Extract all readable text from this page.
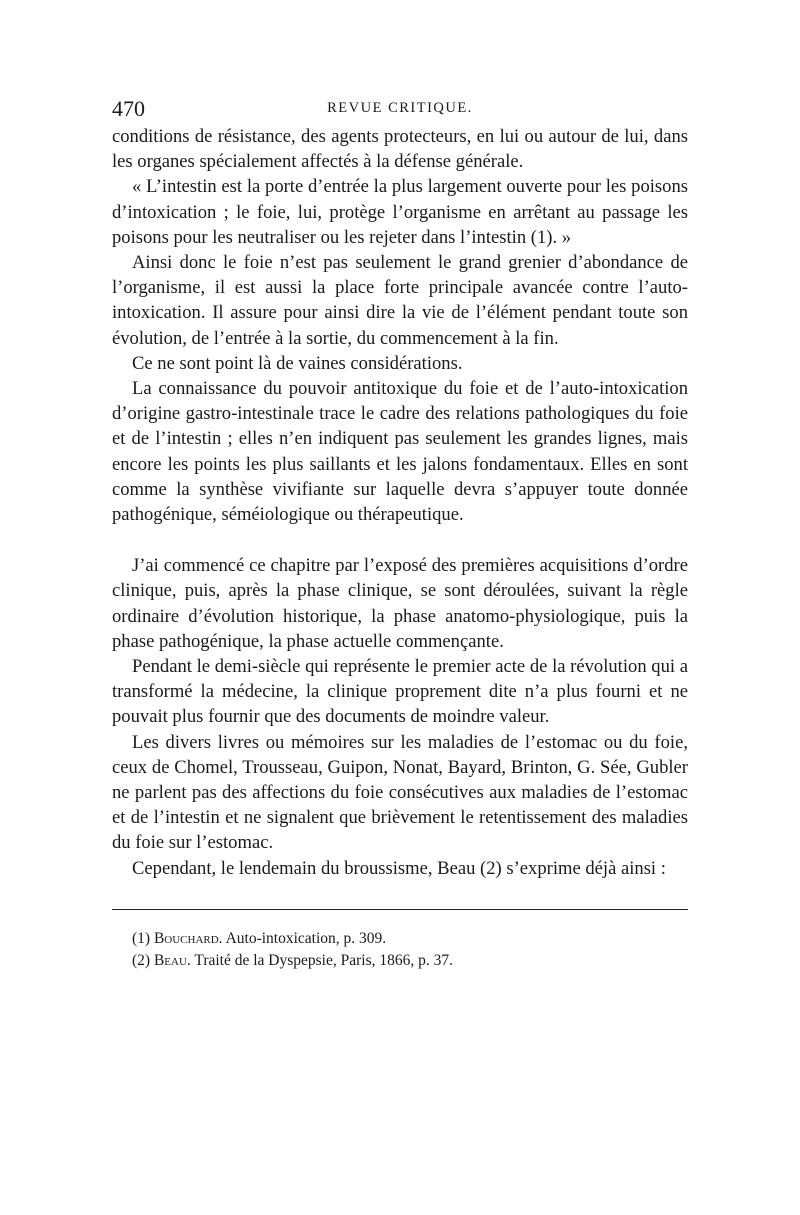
470	REVUE CRITIQUE.

conditions de résistance, des agents protecteurs, en lui ou autour de lui, dans les organes spécialement affectés à la défense générale.

« L’intestin est la porte d’entrée la plus largement ouverte pour les poisons d’intoxication ; le foie, lui, protège l’organisme en arrêtant au passage les poisons pour les neutraliser ou les rejeter dans l’intestin (1). »

Ainsi donc le foie n’est pas seulement le grand grenier d’abondance de l’organisme, il est aussi la place forte principale avancée contre l’auto-intoxication. Il assure pour ainsi dire la vie de l’élément pendant toute son évolution, de l’entrée à la sortie, du commencement à la fin.

Ce ne sont point là de vaines considérations.

La connaissance du pouvoir antitoxique du foie et de l’auto-intoxication d’origine gastro-intestinale trace le cadre des relations pathologiques du foie et de l’intestin ; elles n’en indiquent pas seulement les grandes lignes, mais encore les points les plus saillants et les jalons fondamentaux. Elles en sont comme la synthèse vivifiante sur laquelle devra s’appuyer toute donnée pathogénique, séméiologique ou thérapeutique.

J’ai commencé ce chapitre par l’exposé des premières acquisitions d’ordre clinique, puis, après la phase clinique, se sont déroulées, suivant la règle ordinaire d’évolution historique, la phase anatomo-physiologique, puis la phase pathogénique, la phase actuelle commençante.

Pendant le demi-siècle qui représente le premier acte de la révolution qui a transformé la médecine, la clinique proprement dite n’a plus fourni et ne pouvait plus fournir que des documents de moindre valeur.

Les divers livres ou mémoires sur les maladies de l’estomac ou du foie, ceux de Chomel, Trousseau, Guipon, Nonat, Bayard, Brinton, G. Sée, Gubler ne parlent pas des affections du foie consécutives aux maladies de l’estomac et de l’intestin et ne signalent que brièvement le retentissement des maladies du foie sur l’estomac.

Cependant, le lendemain du broussisme, Beau (2) s’exprime déjà ainsi :

(1) Bouchard. Auto-intoxication, p. 309.

(2) Beau. Traité de la Dyspepsie, Paris, 1866, p. 37.
